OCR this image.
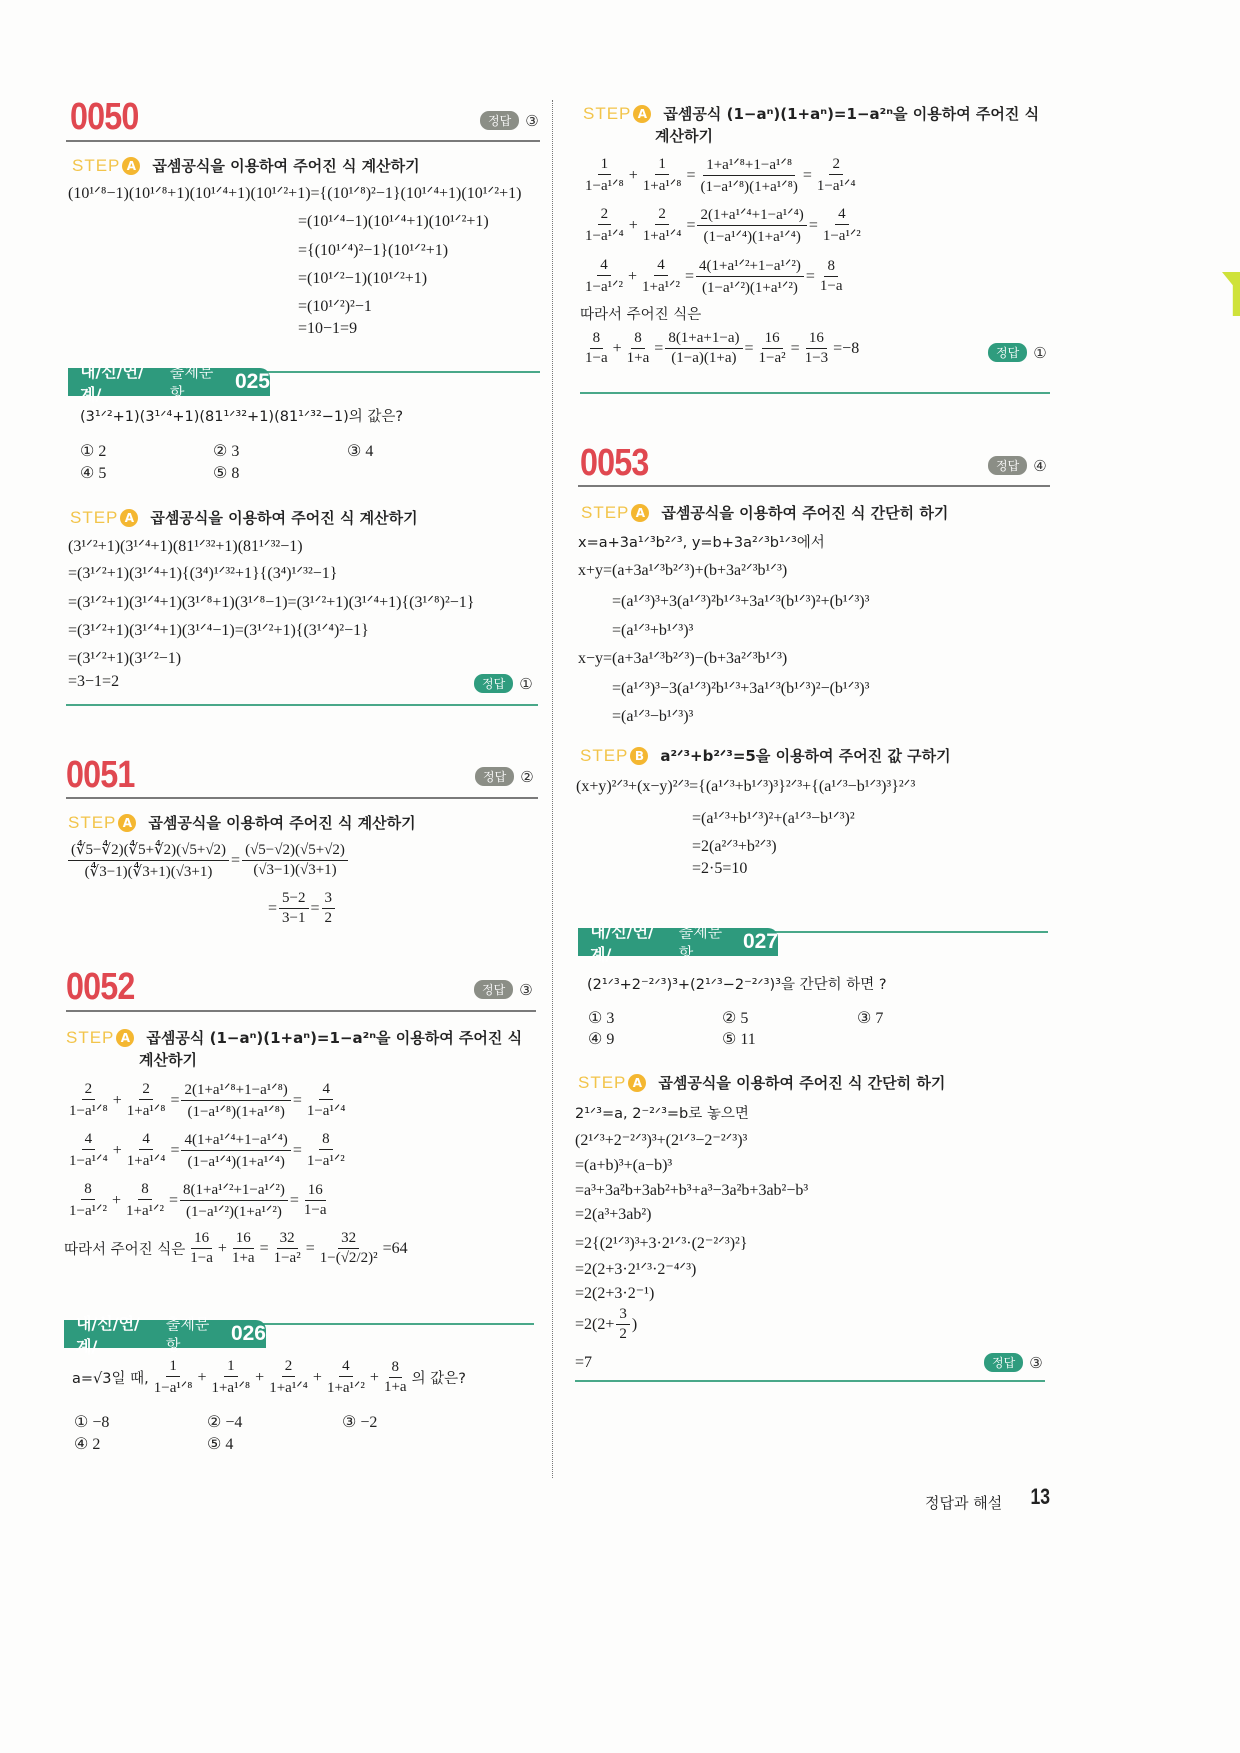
0050	정답 ③
STEP A 곱셈공식을 이용하여 주어진 식 계산하기
(10¹ᐟ⁸−1)(10¹ᐟ⁸+1)(10¹ᐟ⁴+1)(10¹ᐟ²+1)={(10¹ᐟ⁸)²−1}(10¹ᐟ⁴+1)(10¹ᐟ²+1)
=(10¹ᐟ⁴−1)(10¹ᐟ⁴+1)(10¹ᐟ²+1)
={(10¹ᐟ⁴)²−1}(10¹ᐟ²+1)
=(10¹ᐟ²−1)(10¹ᐟ²+1)
=(10¹ᐟ²)²−1
=10−1=9
내/신/연/계/
출제문항	025
(3¹ᐟ²+1)(3¹ᐟ⁴+1)(81¹ᐟ³²+1)(81¹ᐟ³²−1)의 값은?
① 2	② 3	③ 4
④ 5	⑤ 8
STEP A 곱셈공식을 이용하여 주어진 식 계산하기
(3¹ᐟ²+1)(3¹ᐟ⁴+1)(81¹ᐟ³²+1)(81¹ᐟ³²−1)
=(3¹ᐟ²+1)(3¹ᐟ⁴+1){(3⁴)¹ᐟ³²+1}{(3⁴)¹ᐟ³²−1}
=(3¹ᐟ²+1)(3¹ᐟ⁴+1)(3¹ᐟ⁸+1)(3¹ᐟ⁸−1)=(3¹ᐟ²+1)(3¹ᐟ⁴+1){(3¹ᐟ⁸)²−1}
=(3¹ᐟ²+1)(3¹ᐟ⁴+1)(3¹ᐟ⁴−1)=(3¹ᐟ²+1){(3¹ᐟ⁴)²−1}
=(3¹ᐟ²+1)(3¹ᐟ²−1)
=3−1=2	정답 ①
0051	정답 ②
STEP A 곱셈공식을 이용하여 주어진 식 계산하기
$\frac{(∜5-∜2)(∜5+∜2)(√5+√2)}{(∜3-1)(∜3+1)(√3+1)} = \frac{(√5-√2)(√5+√2)}{(√3-1)(√3+1)}$
= $\frac{5-2}{3-1} = \frac{3}{2}$
0052	정답 ③
STEP A 곱셈공식 (1−aⁿ)(1+aⁿ)=1−a²ⁿ을 이용하여 주어진 식
계산하기
$\frac{2}{\text{1−a¹ᐟ⁸}} + \frac{2}{\text{1+a¹ᐟ⁸}} = \frac{\text{2(1+a¹ᐟ⁸+1−a¹ᐟ⁸)}}{\text{(1−a¹ᐟ⁸)(1+a¹ᐟ⁸)}} = \frac{4}{\text{1−a¹ᐟ⁴}}$
$\frac{4}{\text{1−a¹ᐟ⁴}} + \frac{4}{\text{1+a¹ᐟ⁴}} = \frac{\text{4(1+a¹ᐟ⁴+1−a¹ᐟ⁴)}}{\text{(1−a¹ᐟ⁴)(1+a¹ᐟ⁴)}} = \frac{8}{\text{1−a¹ᐟ²}}$
$\frac{8}{\text{1−a¹ᐟ²}} + \frac{8}{\text{1+a¹ᐟ²}} = \frac{\text{8(1+a¹ᐟ²+1−a¹ᐟ²)}}{\text{(1−a¹ᐟ²)(1+a¹ᐟ²)}} = \frac{16}{1-a}$
따라서 주어진 식은 $\frac{16}{1-a} + \frac{16}{1+a} = \frac{32}{\text{1−a²}} = \frac{32}{\text{1−(√2/2)²}} =64$
내/신/연/계/
출제문항	026
a=√3일 때, $\frac{1}{\text{1−a¹ᐟ⁸}} + \frac{1}{\text{1+a¹ᐟ⁸}} + \frac{2}{\text{1+a¹ᐟ⁴}} + \frac{4}{\text{1+a¹ᐟ²}} + \frac{8}{1+a}$ 의 값은?
① −8	② −4	③ −2
④ 2	⑤ 4
STEP A 곱셈공식 (1−aⁿ)(1+aⁿ)=1−a²ⁿ을 이용하여 주어진 식
계산하기
$\frac{1}{\text{1−a¹ᐟ⁸}} + \frac{1}{\text{1+a¹ᐟ⁸}} = \frac{\text{1+a¹ᐟ⁸+1−a¹ᐟ⁸}}{\text{(1−a¹ᐟ⁸)(1+a¹ᐟ⁸)}} = \frac{2}{\text{1−a¹ᐟ⁴}}$
$\frac{2}{\text{1−a¹ᐟ⁴}} + \frac{2}{\text{1+a¹ᐟ⁴}} = \frac{\text{2(1+a¹ᐟ⁴+1−a¹ᐟ⁴)}}{\text{(1−a¹ᐟ⁴)(1+a¹ᐟ⁴)}} = \frac{4}{\text{1−a¹ᐟ²}}$
$\frac{4}{\text{1−a¹ᐟ²}} + \frac{4}{\text{1+a¹ᐟ²}} = \frac{\text{4(1+a¹ᐟ²+1−a¹ᐟ²)}}{\text{(1−a¹ᐟ²)(1+a¹ᐟ²)}} = \frac{8}{1-a}$
따라서 주어진 식은
$\frac{8}{1-a} + \frac{8}{1+a} = \frac{8(1+a+1-a)}{(1-a)(1+a)} = \frac{16}{\text{1−a²}} = \frac{16}{1-3} =-8$	정답 ①
0053	정답 ④
STEP A 곱셈공식을 이용하여 주어진 식 간단히 하기
x=a+3a¹ᐟ³b²ᐟ³, y=b+3a²ᐟ³b¹ᐟ³에서
x+y=(a+3a¹ᐟ³b²ᐟ³)+(b+3a²ᐟ³b¹ᐟ³)
=(a¹ᐟ³)³+3(a¹ᐟ³)²b¹ᐟ³+3a¹ᐟ³(b¹ᐟ³)²+(b¹ᐟ³)³
=(a¹ᐟ³+b¹ᐟ³)³
x−y=(a+3a¹ᐟ³b²ᐟ³)−(b+3a²ᐟ³b¹ᐟ³)
=(a¹ᐟ³)³−3(a¹ᐟ³)²b¹ᐟ³+3a¹ᐟ³(b¹ᐟ³)²−(b¹ᐟ³)³
=(a¹ᐟ³−b¹ᐟ³)³
STEP B a²ᐟ³+b²ᐟ³=5을 이용하여 주어진 값 구하기
(x+y)²ᐟ³+(x−y)²ᐟ³={(a¹ᐟ³+b¹ᐟ³)³}²ᐟ³+{(a¹ᐟ³−b¹ᐟ³)³}²ᐟ³
=(a¹ᐟ³+b¹ᐟ³)²+(a¹ᐟ³−b¹ᐟ³)²
=2(a²ᐟ³+b²ᐟ³)
=2·5=10
내/신/연/계/
출제문항	027
(2¹ᐟ³+2⁻²ᐟ³)³+(2¹ᐟ³−2⁻²ᐟ³)³을 간단히 하면 ?
① 3	② 5	③ 7
④ 9	⑤ 11
STEP A 곱셈공식을 이용하여 주어진 식 간단히 하기
2¹ᐟ³=a, 2⁻²ᐟ³=b로 놓으면
(2¹ᐟ³+2⁻²ᐟ³)³+(2¹ᐟ³−2⁻²ᐟ³)³
=(a+b)³+(a−b)³
=a³+3a²b+3ab²+b³+a³−3a²b+3ab²−b³
=2(a³+3ab²)
=2{(2¹ᐟ³)³+3·2¹ᐟ³·(2⁻²ᐟ³)²}
=2(2+3·2¹ᐟ³·2⁻⁴ᐟ³)
=2(2+3·2⁻¹)
$=2(2+ \frac{3}{2}$ )
=7	정답 ③
정답과 해설 13
